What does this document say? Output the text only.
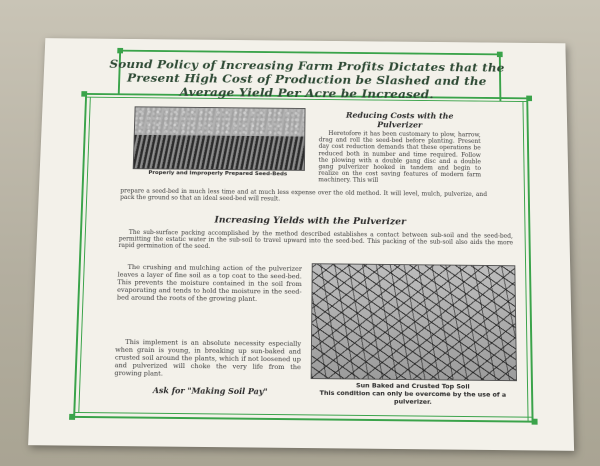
Sound Policy of Increasing Farm Profits Dictates that the Present High Cost of Production be Slashed and the Average Yield Per Acre be Increased.
Properly and Improperly Prepared Seed-Beds
Reducing Costs with the Pulverizer
Heretofore it has been customary to plow, harrow, drag and roll the seed-bed before planting. Present day cost reduction demands that these operations be reduced both in number and time required. Follow the plowing with a double gang disc and a double gang pulverizer hooked in tandem and begin to realize on the cost saving features of modern farm machinery. This will
prepare a seed-bed in much less time and at much less expense over the old method. It will level, mulch, pulverize, and pack the ground so that an ideal seed-bed will result.
Increasing Yields with the Pulverizer
The sub-surface packing accomplished by the method described establishes a contact between sub-soil and the seed-bed, permitting the estatic water in the sub-soil to travel upward into the seed-bed. This packing of the sub-soil also aids the more rapid germination of the seed.
The crushing and mulching action of the pulverizer leaves a layer of fine soil as a top coat to the seed-bed. This prevents the moisture contained in the soil from evaporating and tends to hold the moisture in the seed-bed around the roots of the growing plant.
This implement is an absolute necessity especially when grain is young, in breaking up sun-baked and crusted soil around the plants, which if not loosened up and pulverized will choke the very life from the growing plant.
Ask for "Making Soil Pay"	Sun Baked and Crusted Top Soil
This condition can only be overcome by the use of a pulverizer.
